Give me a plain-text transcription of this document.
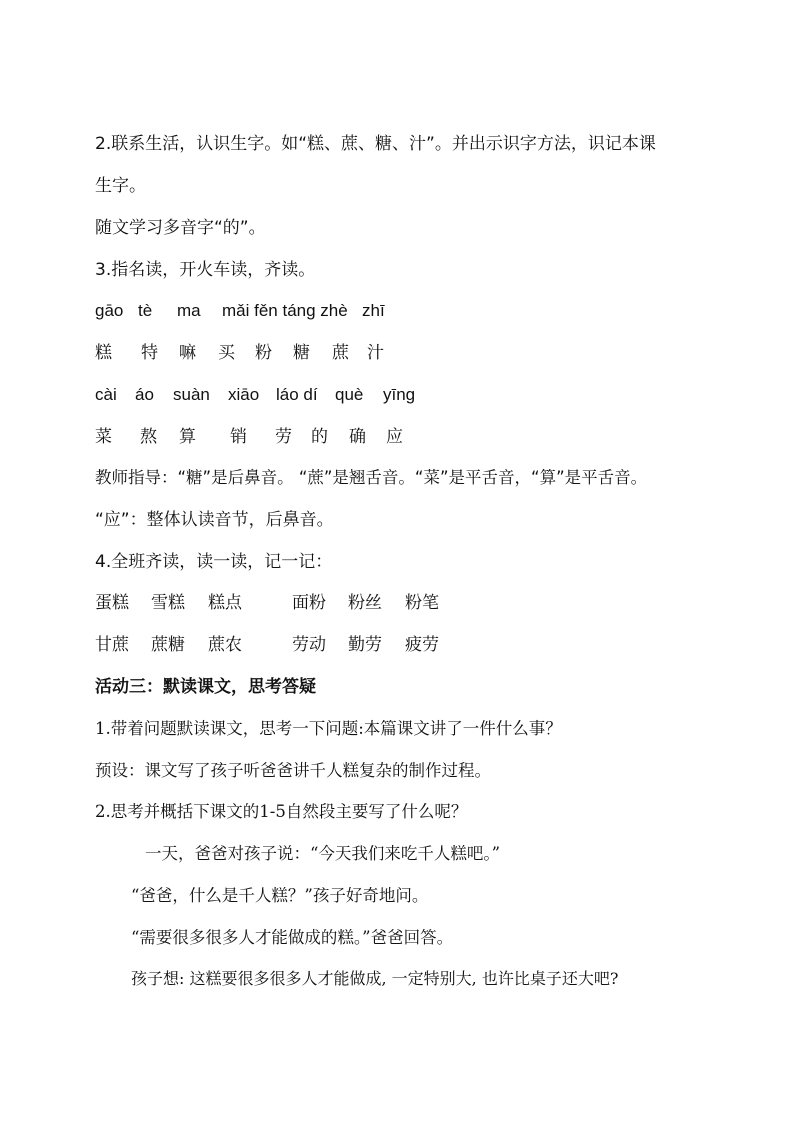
2.联系生活，认识生字。如“糕、蔗、糖、汁”。并出示识字方法，识记本课
生字。
随文学习多音字“的”。
3.指名读，开火车读，齐读。
gāo tè ma mǎi fěn táng zhè zhī
糕 特 嘛 买 粉 糖 蔗 汁
cài áo suàn xiāo láo dí què yīng
菜 熬 算 销 劳 的 确 应
教师指导：“糖”是后鼻音。 “蔗”是翘舌音。“菜”是平舌音，“算”是平舌音。
“应”：整体认读音节，后鼻音。
4.全班齐读，读一读，记一记：
蛋糕 雪糕 糕点	面粉 粉丝 粉笔
甘蔗 蔗糖 蔗农	劳动 勤劳 疲劳
活动三：默读课文，思考答疑
1.带着问题默读课文，思考一下问题:本篇课文讲了一件什么事？
预设：课文写了孩子听爸爸讲千人糕复杂的制作过程。
2.思考并概括下课文的1-5自然段主要写了什么呢？
一天，爸爸对孩子说：“今天我们来吃千人糕吧。”
“爸爸，什么是千人糕？”孩子好奇地问。
“需要很多很多人才能做成的糕。”爸爸回答。
孩子想: 这糕要很多很多人才能做成, 一定特别大, 也许比桌子还大吧?
